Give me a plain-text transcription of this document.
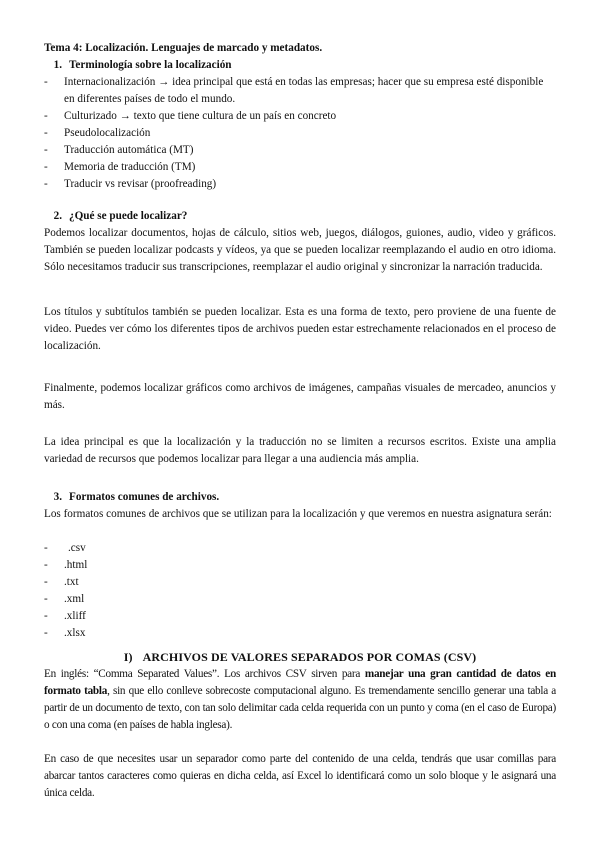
Tema 4: Localización. Lenguajes de marcado y metadatos.
1. Terminología sobre la localización
- Internacionalización → idea principal que está en todas las empresas; hacer que su empresa esté disponible en diferentes países de todo el mundo.
- Culturizado → texto que tiene cultura de un país en concreto
- Pseudolocalización
- Traducción automática (MT)
- Memoria de traducción (TM)
- Traducir vs revisar (proofreading)
2. ¿Qué se puede localizar?

Podemos localizar documentos, hojas de cálculo, sitios web, juegos, diálogos, guiones, audio, video y gráficos. También se pueden localizar podcasts y vídeos, ya que se pueden localizar reemplazando el audio en otro idioma. Sólo necesitamos traducir sus transcripciones, reemplazar el audio original y sincronizar la narración traducida.

Los títulos y subtítulos también se pueden localizar. Esta es una forma de texto, pero proviene de una fuente de video. Puedes ver cómo los diferentes tipos de archivos pueden estar estrechamente relacionados en el proceso de localización.

Finalmente, podemos localizar gráficos como archivos de imágenes, campañas visuales de mercadeo, anuncios y más.

La idea principal es que la localización y la traducción no se limiten a recursos escritos. Existe una amplia variedad de recursos que podemos localizar para llegar a una audiencia más amplia.

3. Formatos comunes de archivos.

Los formatos comunes de archivos que se utilizan para la localización y que veremos en nuestra asignatura serán:

- .csv
- .html
- .txt
- .xml
- .xliff
- .xlsx
I) ARCHIVOS DE VALORES SEPARADOS POR COMAS (CSV)

En inglés: “Comma Separated Values”. Los archivos CSV sirven para manejar una gran cantidad de datos en formato tabla, sin que ello conlleve sobrecoste computacional alguno. Es tremendamente sencillo generar una tabla a partir de un documento de texto, con tan solo delimitar cada celda requerida con un punto y coma (en el caso de Europa) o con una coma (en países de habla inglesa).

En caso de que necesites usar un separador como parte del contenido de una celda, tendrás que usar comillas para abarcar tantos caracteres como quieras en dicha celda, así Excel lo identificará como un solo bloque y le asignará una única celda.
